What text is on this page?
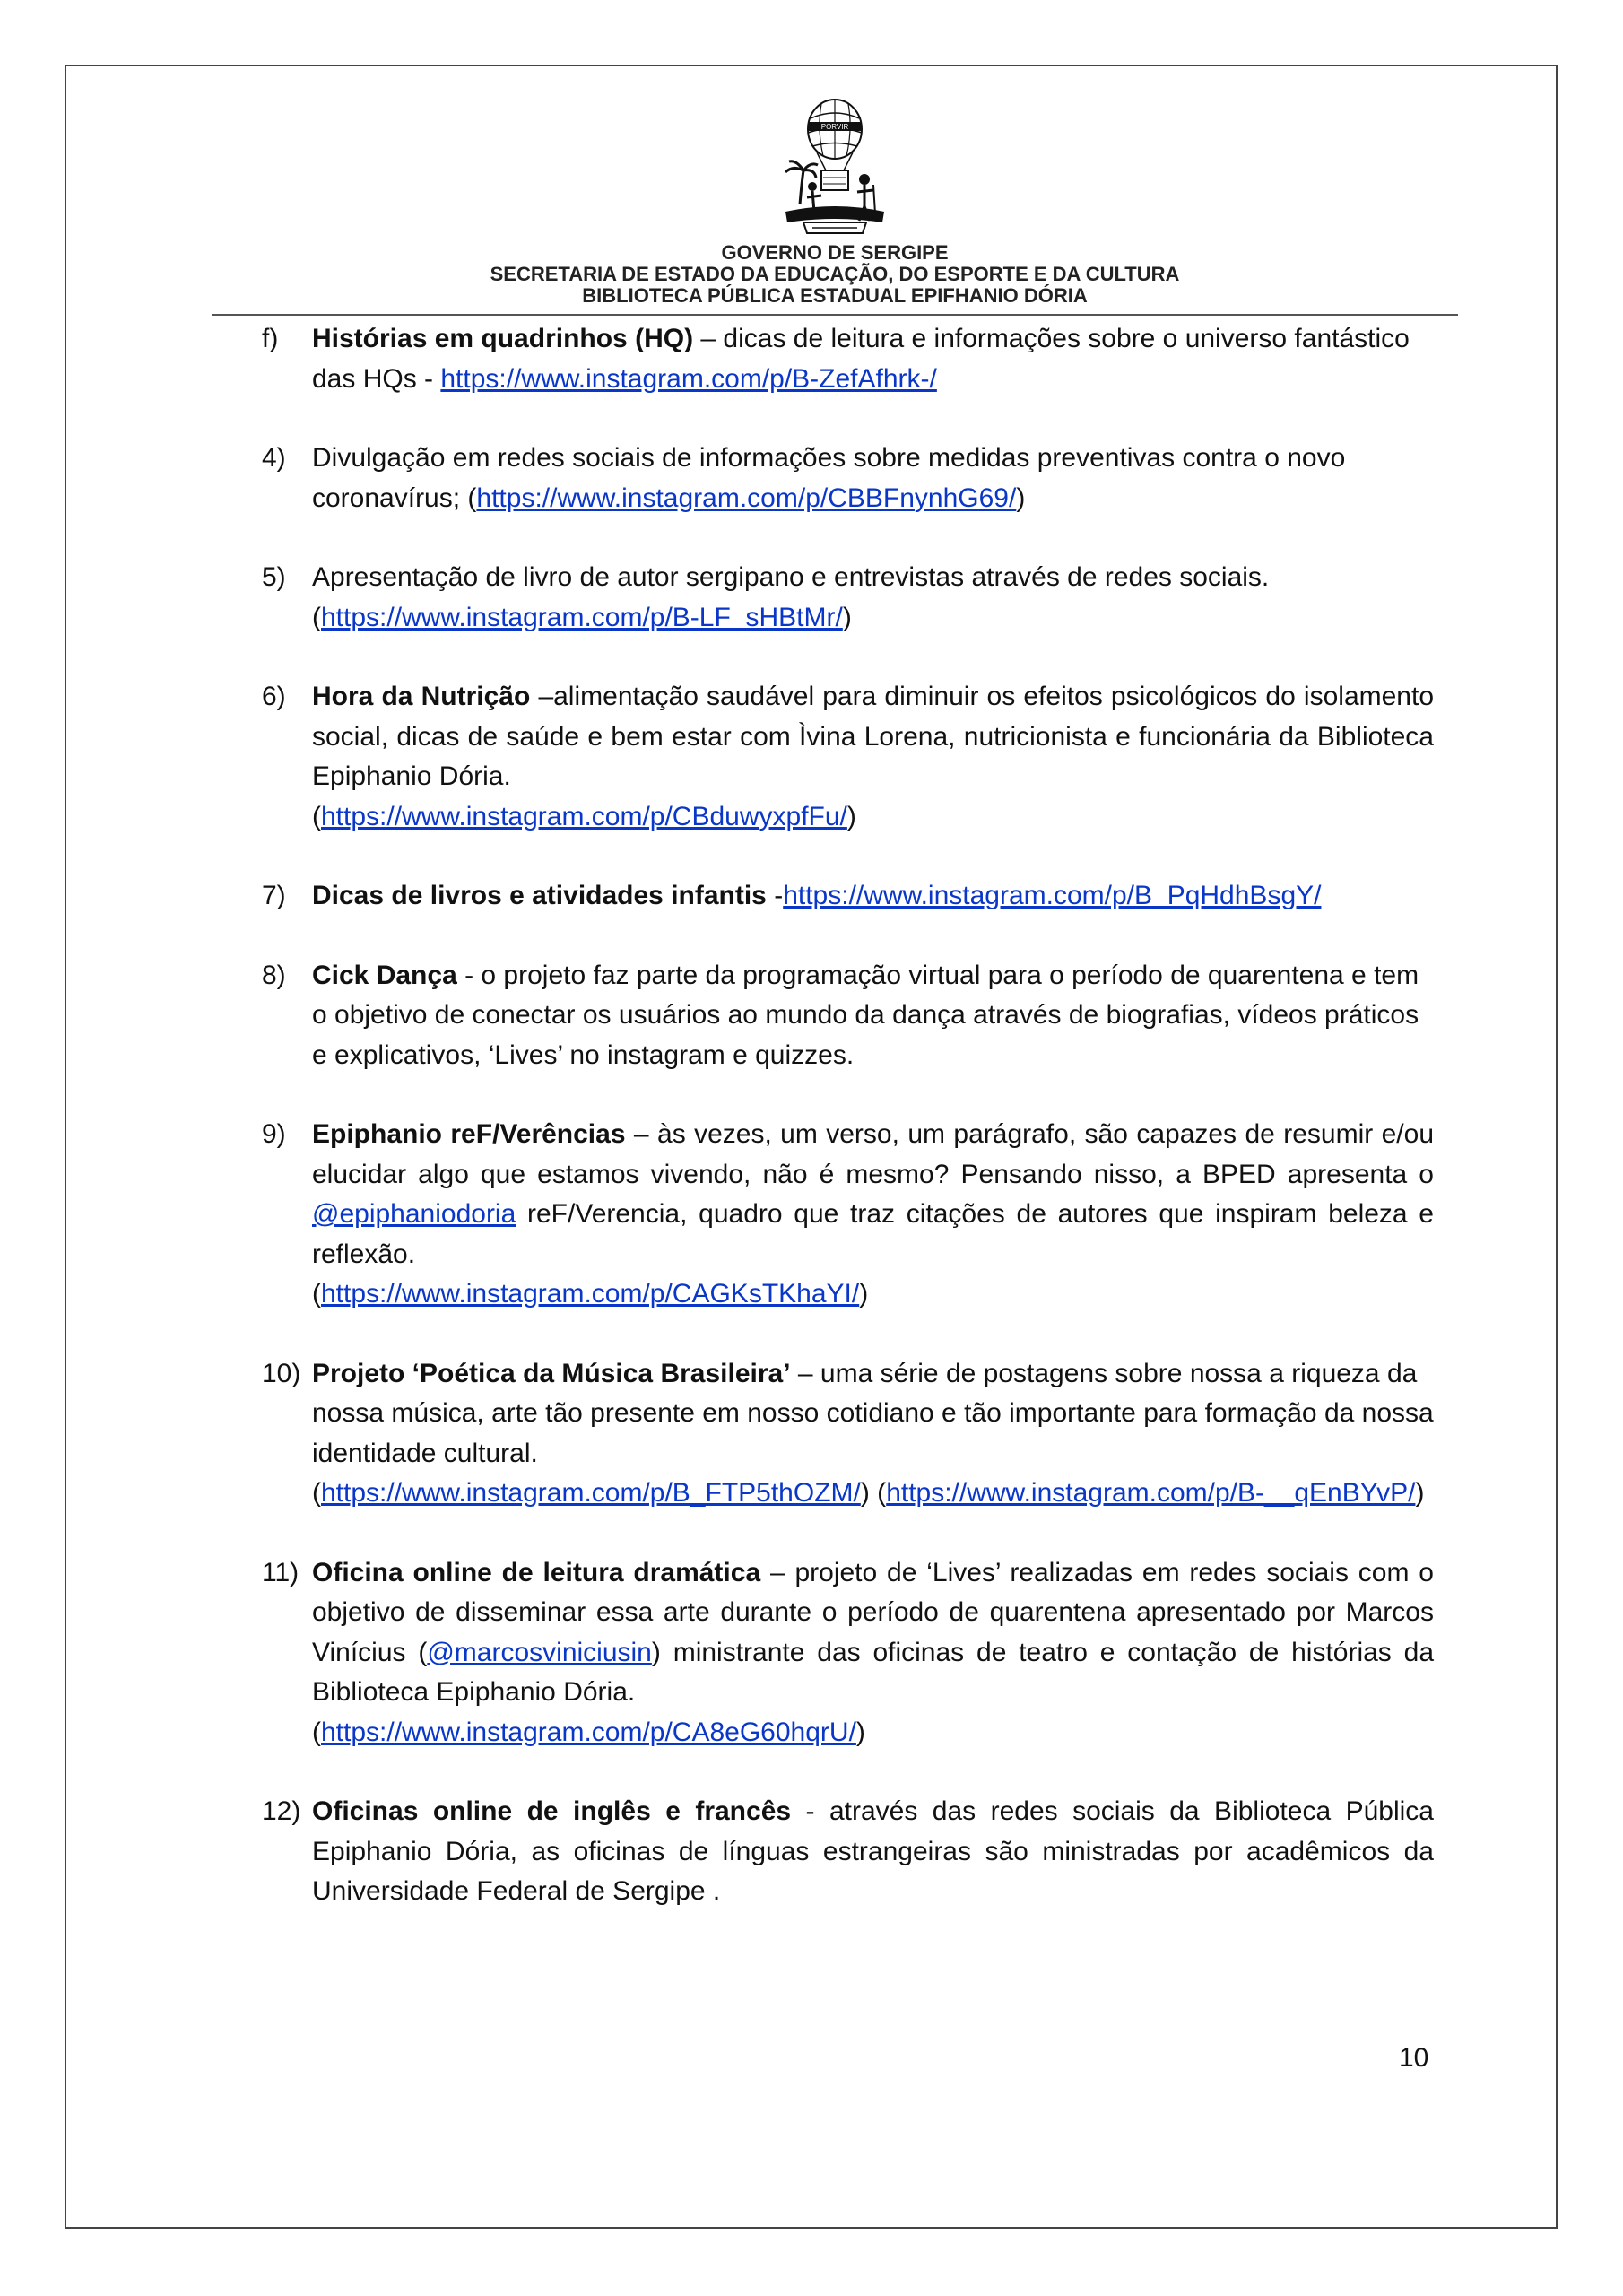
PORVIR
GOVERNO DE SERGIPE
SECRETARIA DE ESTADO DA EDUCAÇÃO, DO ESPORTE E DA CULTURA
BIBLIOTECA PÚBLICA ESTADUAL EPIFHANIO DÓRIA
f) Histórias em quadrinhos (HQ) – dicas de leitura e informações sobre o universo fantástico das HQs - https://www.instagram.com/p/B-ZefAfhrk-/
4) Divulgação em redes sociais de informações sobre medidas preventivas contra o novo coronavírus; (https://www.instagram.com/p/CBBFnynhG69/)
5) Apresentação de livro de autor sergipano e entrevistas através de redes sociais.
(https://www.instagram.com/p/B-LF_sHBtMr/)
6) Hora da Nutrição –alimentação saudável para diminuir os efeitos psicológicos do isolamento social, dicas de saúde e bem estar com Ìvina Lorena, nutricionista e funcionária da Biblioteca Epiphanio Dória.
(https://www.instagram.com/p/CBduwyxpfFu/)
7) Dicas de livros e atividades infantis -https://www.instagram.com/p/B_PqHdhBsgY/
8) Cick Dança - o projeto faz parte da programação virtual para o período de quarentena e tem o objetivo de conectar os usuários ao mundo da dança através de biografias, vídeos práticos e explicativos, ‘Lives’ no instagram e quizzes.
9) Epiphanio reF/Verências – às vezes, um verso, um parágrafo, são capazes de resumir e/ou elucidar algo que estamos vivendo, não é mesmo? Pensando nisso, a BPED apresenta o @epiphaniodoria reF/Verencia, quadro que traz citações de autores que inspiram beleza e reflexão.
(https://www.instagram.com/p/CAGKsTKhaYI/)
10) Projeto ‘Poética da Música Brasileira’ – uma série de postagens sobre nossa a riqueza da nossa música, arte tão presente em nosso cotidiano e tão importante para formação da nossa identidade cultural.
(https://www.instagram.com/p/B_FTP5thOZM/) (https://www.instagram.com/p/B-__qEnBYvP/)
11) Oficina online de leitura dramática – projeto de ‘Lives’ realizadas em redes sociais com o objetivo de disseminar essa arte durante o período de quarentena apresentado por Marcos Vinícius (@marcosviniciusin) ministrante das oficinas de teatro e contação de histórias da Biblioteca Epiphanio Dória.
(https://www.instagram.com/p/CA8eG60hqrU/)
12) Oficinas online de inglês e francês - através das redes sociais da Biblioteca Pública Epiphanio Dória, as oficinas de línguas estrangeiras são ministradas por acadêmicos da Universidade Federal de Sergipe .
10
